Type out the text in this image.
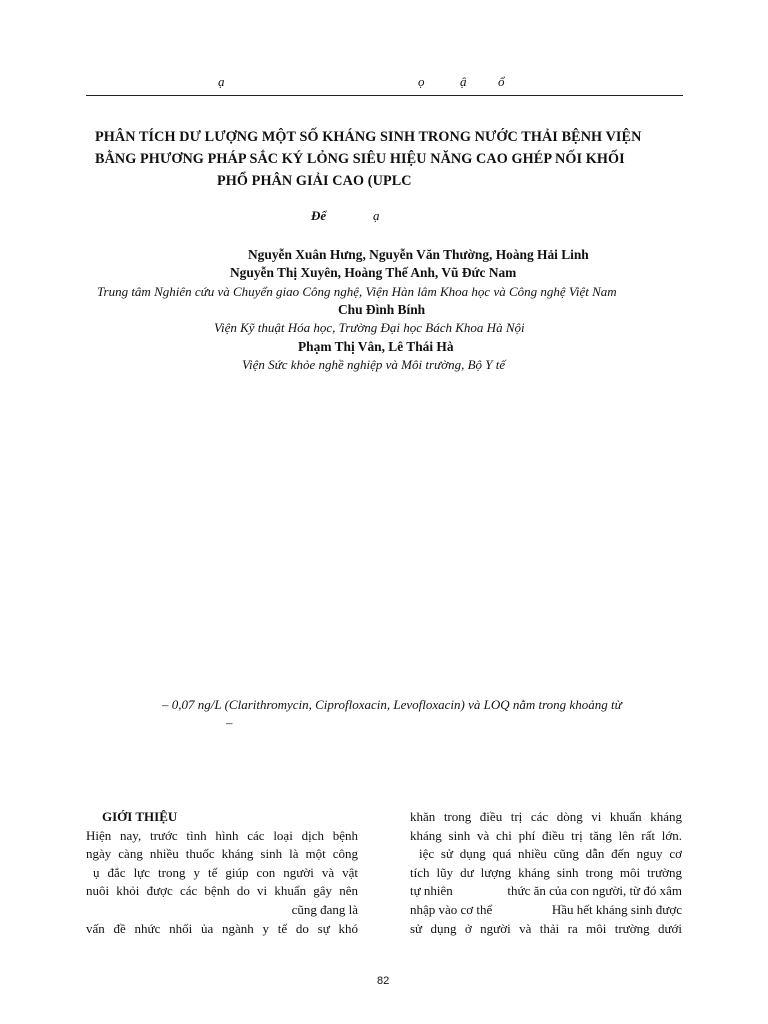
ạ	ọ	ậ ổ
PHÂN TÍCH DƯ LƯỢNG MỘT SỐ KHÁNG SINH TRONG NƯỚC THẢI BỆNH VIỆN
BẰNG PHƯƠNG PHÁP SẮC KÝ LỎNG SIÊU HIỆU NĂNG CAO GHÉP NỐI KHỐI
PHỔ PHÂN GIẢI CAO (UPLC
Để	ạ
Nguyễn Xuân Hưng, Nguyễn Văn Thường, Hoàng Hải Linh
Nguyễn Thị Xuyên, Hoàng Thế Anh, Vũ Đức Nam
Trung tâm Nghiên cứu và Chuyển giao Công nghệ, Viện Hàn lâm Khoa học và Công nghệ Việt Nam
Chu Đình Bính
Viện Kỹ thuật Hóa học, Trường Đại học Bách Khoa Hà Nội
Phạm Thị Vân, Lê Thái Hà
Viện Sức khỏe nghề nghiệp và Môi trường, Bộ Y tế
– 0,07 ng/L (Clarithromycin, Ciprofloxacin, Levofloxacin) và LOQ nằm trong khoảng từ
–
GIỚI THIỆU
Hiện nay, trước tình hình các loại dịch bệnh
ngày càng nhiều thuốc kháng sinh là một công
ụ đắc lực trong y tế giúp con người và vật
nuôi khỏi được các bệnh do vi khuẩn gây nên
cũng đang là
vấn đề nhức nhối ủa ngành y tế do sự khó
khăn trong điều trị các dòng vi khuẩn kháng
kháng sinh và chi phí điều trị tăng lên rất lớn.
iệc sử dụng quá nhiều cũng dẫn đến nguy cơ
tích lũy dư lượng kháng sinh trong môi trường
tự nhiên	thức ăn của con người, từ đó xâm
nhập vào cơ thể	Hầu hết kháng sinh được
sử dụng ở người và thải ra môi trường dưới
82
